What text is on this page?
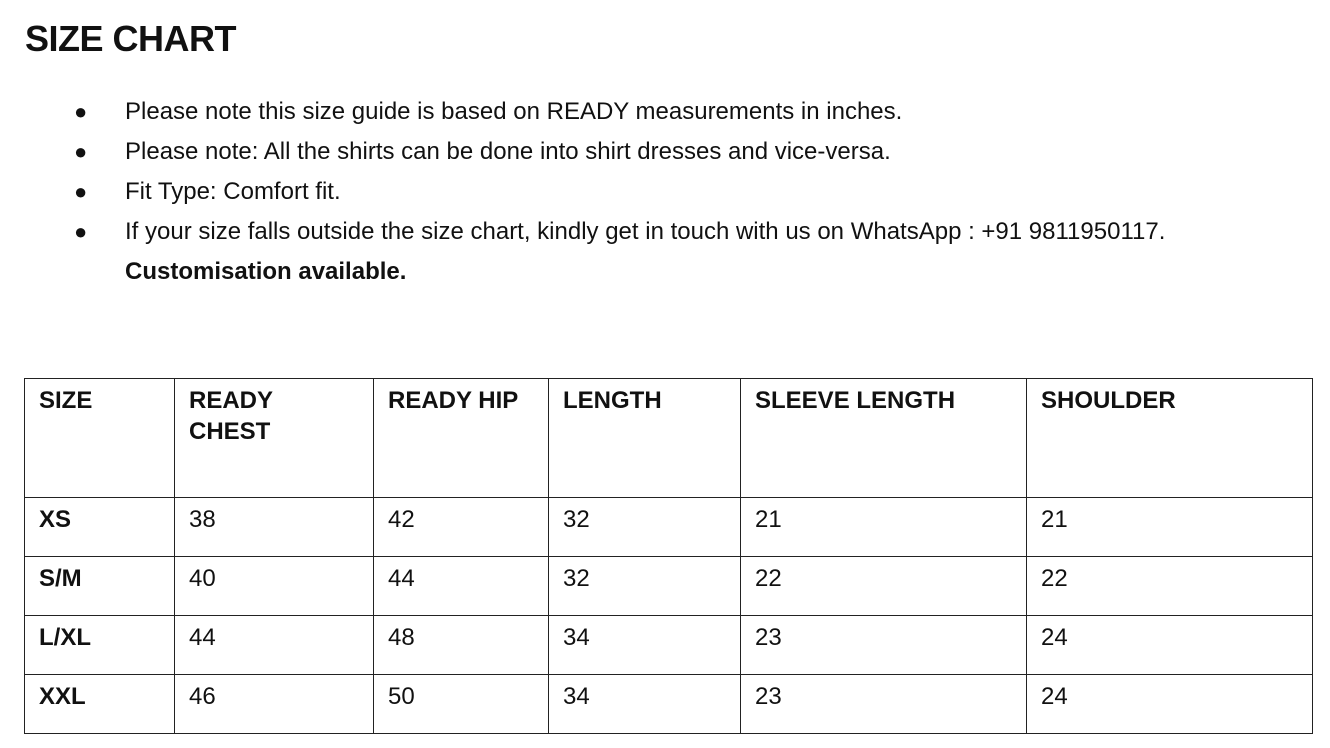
SIZE CHART
● Please note this size guide is based on READY measurements in inches.
● Please note: All the shirts can be done into shirt dresses and vice-versa.
● Fit Type: Comfort fit.
● If your size falls outside the size chart, kindly get in touch with us on WhatsApp : +91 9811950117. Customisation available.
SIZE	READY CHEST	READY HIP	LENGTH	SLEEVE LENGTH	SHOULDER
XS	38	42	32	21	21
S/M	40	44	32	22	22
L/XL	44	48	34	23	24
XXL	46	50	34	23	24
